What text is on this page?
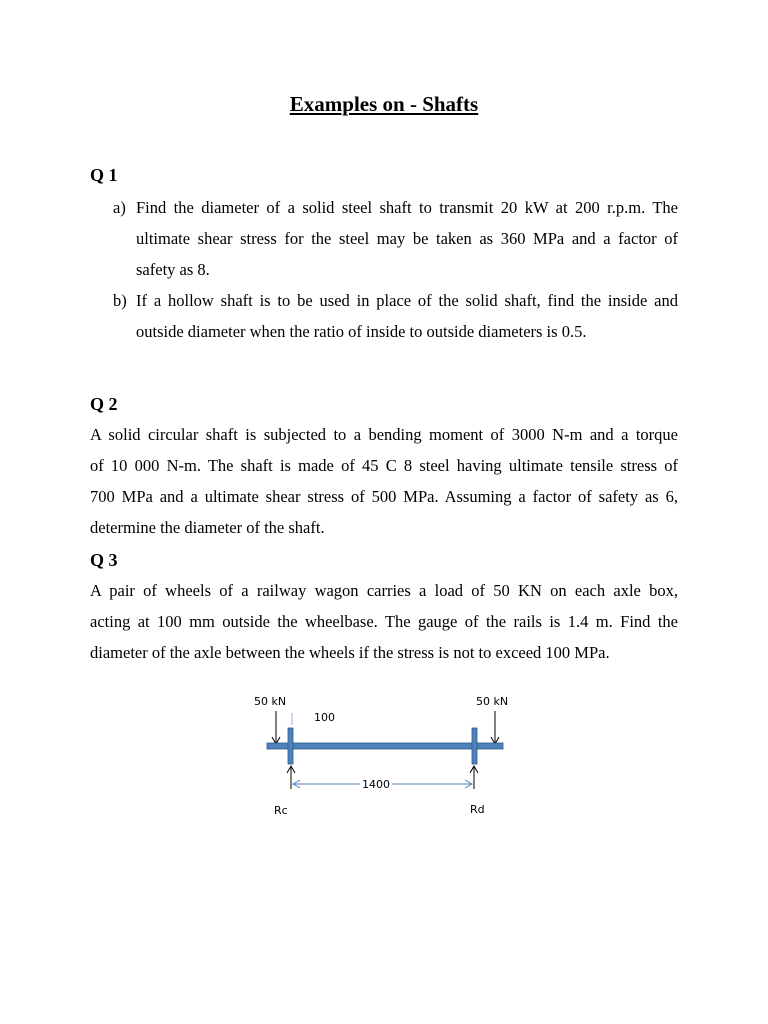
Examples on - Shafts
Q 1
a) Find the diameter of a solid steel shaft to transmit 20 kW at 200 r.p.m. The
ultimate shear stress for the steel may be taken as 360 MPa and a factor of
safety as 8.
b) If a hollow shaft is to be used in place of the solid shaft, find the inside and
outside diameter when the ratio of inside to outside diameters is 0.5.
Q 2
A solid circular shaft is subjected to a bending moment of 3000 N-m and a torque
of 10 000 N-m. The shaft is made of 45 C 8 steel having ultimate tensile stress of
700 MPa and a ultimate shear stress of 500 MPa. Assuming a factor of safety as 6,
determine the diameter of the shaft.
Q 3
A pair of wheels of a railway wagon carries a load of 50 KN on each axle box,
acting at 100 mm outside the wheelbase. The gauge of the rails is 1.4 m. Find the
diameter of the axle between the wheels if the stress is not to exceed 100 MPa.
50 kN	50 kN
100
1400
Rc	Rd
